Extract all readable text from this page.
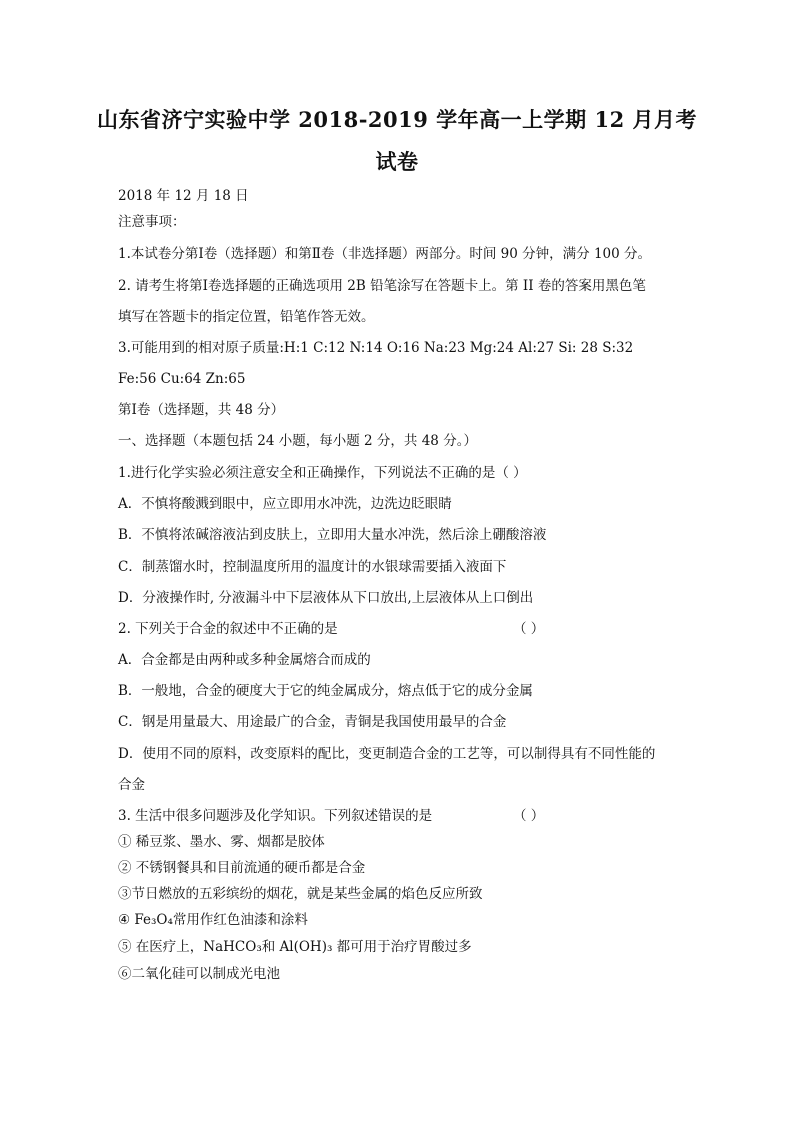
山东省济宁实验中学 2018-2019 学年高一上学期 12 月月考
试卷
2018 年 12 月 18 日
注意事项：
1.本试卷分第Ⅰ卷（选择题）和第Ⅱ卷（非选择题）两部分。时间 90 分钟，满分 100 分。
2. 请考生将第Ⅰ卷选择题的正确选项用 2B 铅笔涂写在答题卡上。第 II 卷的答案用黑色笔
填写在答题卡的指定位置，铅笔作答无效。
3.可能用到的相对原子质量:H:1 C:12 N:14 O:16 Na:23 Mg:24 Al:27 Si: 28 S:32
Fe:56 Cu:64 Zn:65
第Ⅰ卷（选择题，共 48 分）
一、选择题（本题包括 24 小题，每小题 2 分，共 48 分。）
1.进行化学实验必须注意安全和正确操作，下列说法不正确的是（ ）
A．不慎将酸溅到眼中，应立即用水冲洗，边洗边眨眼睛
B．不慎将浓碱溶液沾到皮肤上，立即用大量水冲洗，然后涂上硼酸溶液
C．制蒸馏水时，控制温度所用的温度计的水银球需要插入液面下
D．分液操作时, 分液漏斗中下层液体从下口放出,上层液体从上口倒出
2. 下列关于合金的叙述中不正确的是	（ ）
A．合金都是由两种或多种金属熔合而成的
B．一般地，合金的硬度大于它的纯金属成分，熔点低于它的成分金属
C．钢是用量最大、用途最广的合金，青铜是我国使用最早的合金
D．使用不同的原料，改变原料的配比，变更制造合金的工艺等，可以制得具有不同性能的
合金
3. 生活中很多问题涉及化学知识。下列叙述错误的是	（ ）
① 稀豆浆、墨水、雾、烟都是胶体
② 不锈钢餐具和目前流通的硬币都是合金
③节日燃放的五彩缤纷的烟花，就是某些金属的焰色反应所致
④ Fe₃O₄常用作红色油漆和涂料
⑤ 在医疗上，NaHCO₃和 Al(OH)₃ 都可用于治疗胃酸过多
⑥二氧化硅可以制成光电池
